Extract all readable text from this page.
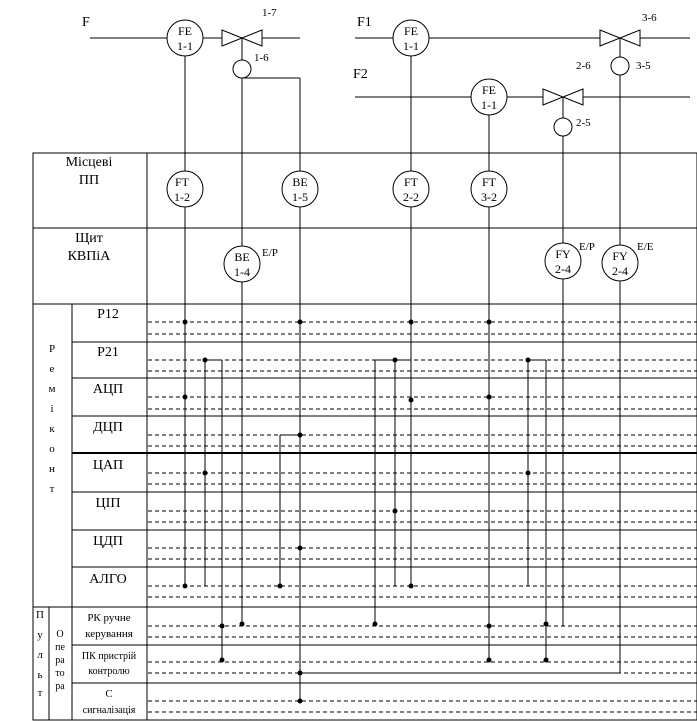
FE
1-1
FE
1-1
FE
1-1
FT
1-2
BE
1-5
FT
2-2
FT
3-2
BE
1-4
FY
2-4
FY
2-4
E/P	E/P	E/E
F	F1
F2
1-7
1-6
3-6
3-5
2-6
2-5
Місцеві
ПП
Щит
КВПіА
Р
е
м
і
к
о
н
т
П
у
л
ь
т
О
пе
ра
то
ра
Р12
Р21
АЦП
ДЦП
ЦАП
ЦІП
ЦДП
АЛГО
РК ручне
керування
ПК пристрій
контролю
С
сигналізація
